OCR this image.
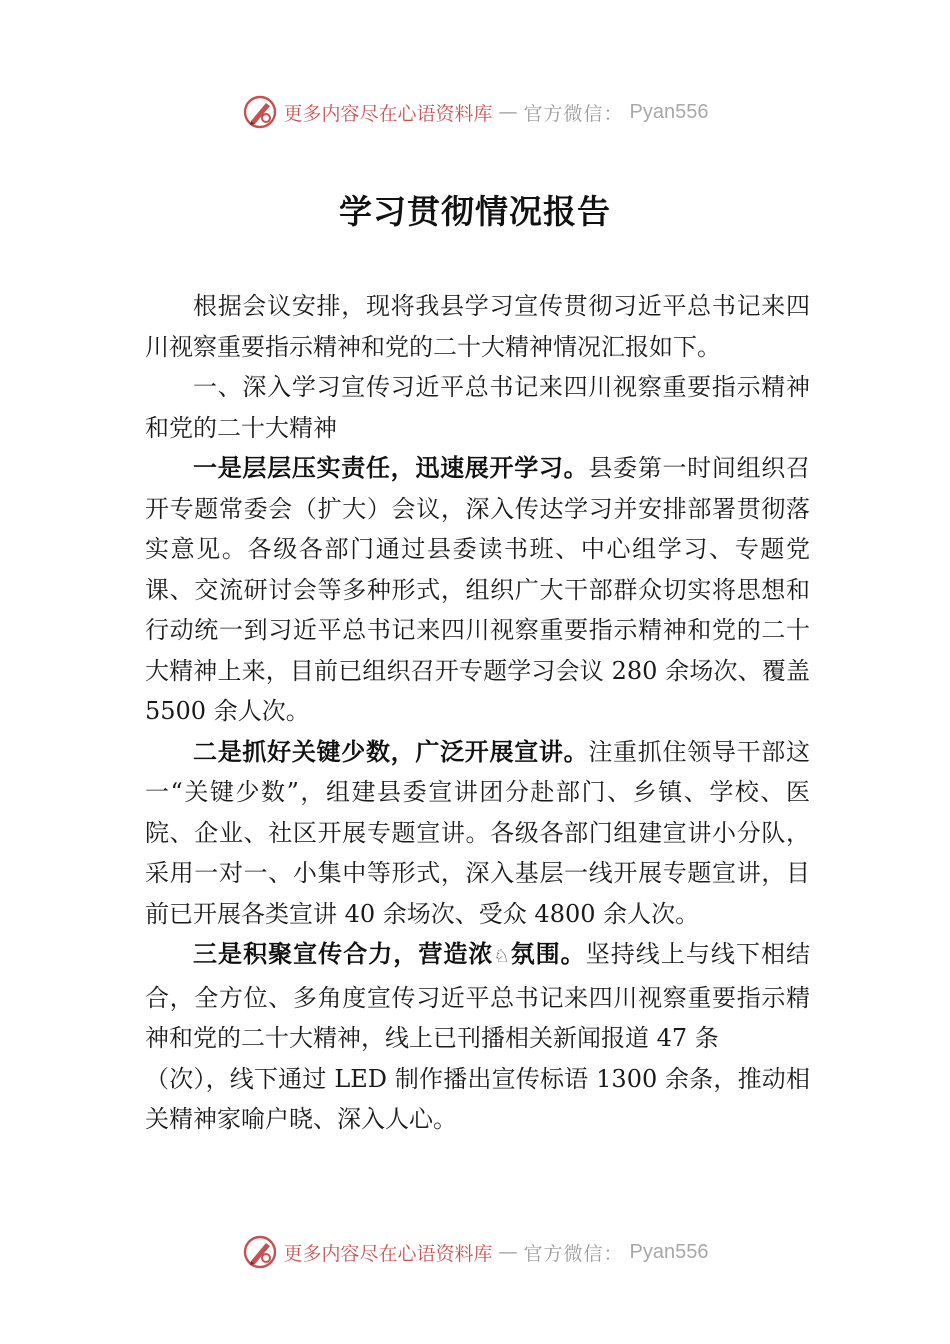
更多内容尽在心语资料库 — 官方微信： Pyan556
学习贯彻情况报告

根据会议安排，现将我县学习宣传贯彻习近平总书记来四川视察重要指示精神和党的二十大精神情况汇报如下。

一、深入学习宣传习近平总书记来四川视察重要指示精神和党的二十大精神

一是层层压实责任，迅速展开学习。县委第一时间组织召开专题常委会（扩大）会议，深入传达学习并安排部署贯彻落实意见。各级各部门通过县委读书班、中心组学习、专题党课、交流研讨会等多种形式，组织广大干部群众切实将思想和行动统一到习近平总书记来四川视察重要指示精神和党的二十大精神上来，目前已组织召开专题学习会议 280 余场次、覆盖 5500 余人次。

二是抓好关键少数，广泛开展宣讲。注重抓住领导干部这一“关键少数”，组建县委宣讲团分赴部门、乡镇、学校、医院、企业、社区开展专题宣讲。各级各部门组建宣讲小分队，采用一对一、小集中等形式，深入基层一线开展专题宣讲，目前已开展各类宣讲 40 余场次、受众 4800 余人次。

三是积聚宣传合力，营造浓♘氛围。坚持线上与线下相结合，全方位、多角度宣传习近平总书记来四川视察重要指示精神和党的二十大精神，线上已刊播相关新闻报道 47 条

（次），线下通过 LED 制作播出宣传标语 1300 余条，推动相关精神家喻户晓、深入人心。
更多内容尽在心语资料库 — 官方微信： Pyan556
